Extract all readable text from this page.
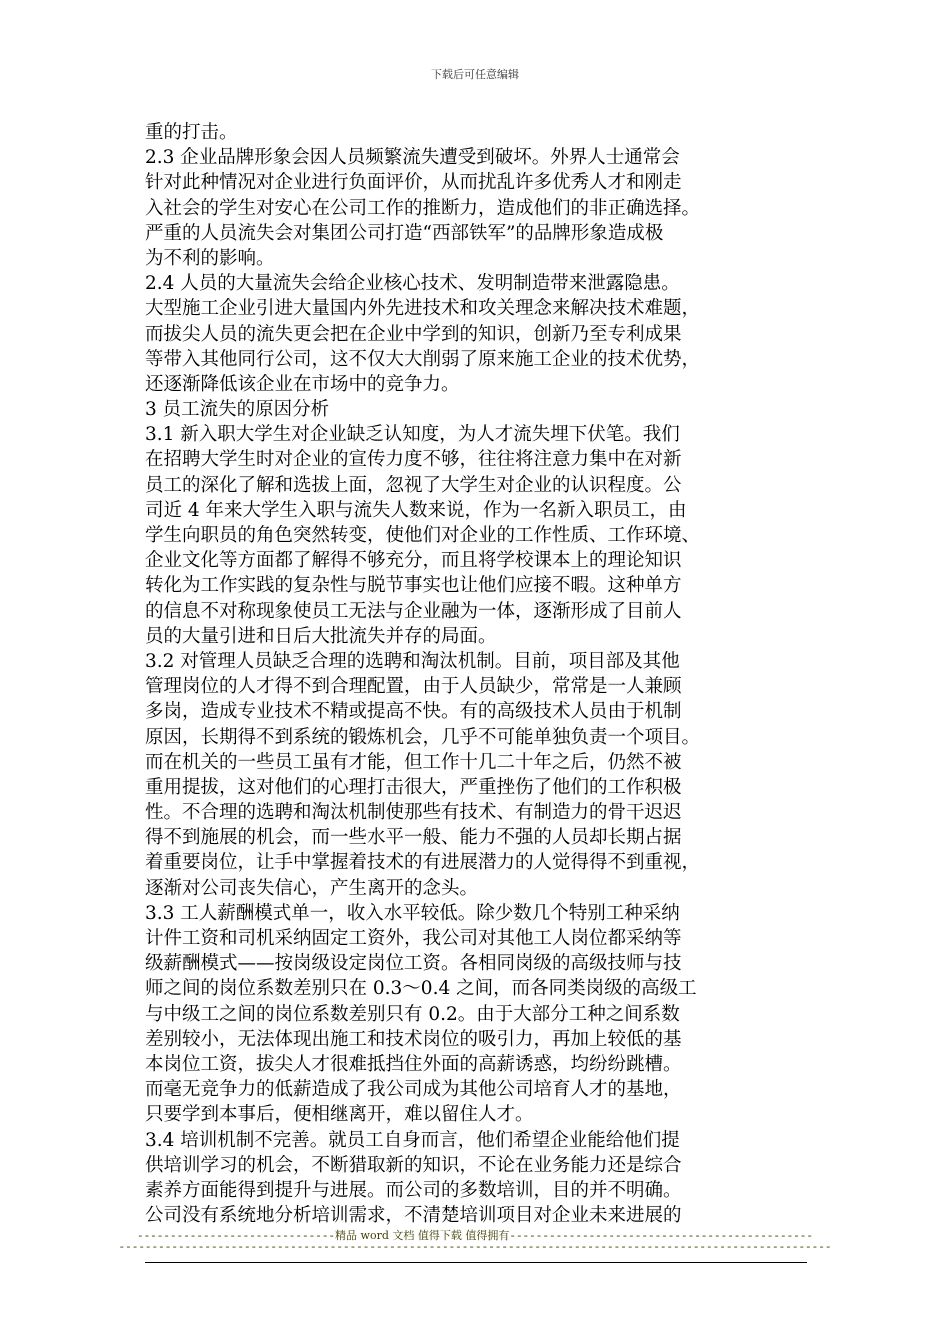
下载后可任意编辑
重的打击。
2.3 企业品牌形象会因人员频繁流失遭受到破坏。外界人士通常会
针对此种情况对企业进行负面评价，从而扰乱许多优秀人才和刚走
入社会的学生对安心在公司工作的推断力，造成他们的非正确选择。
严重的人员流失会对集团公司打造“西部铁军”的品牌形象造成极
为不利的影响。
2.4 人员的大量流失会给企业核心技术、发明制造带来泄露隐患。
大型施工企业引进大量国内外先进技术和攻关理念来解决技术难题，
而拔尖人员的流失更会把在企业中学到的知识，创新乃至专利成果
等带入其他同行公司，这不仅大大削弱了原来施工企业的技术优势，
还逐渐降低该企业在市场中的竞争力。
3 员工流失的原因分析
3.1 新入职大学生对企业缺乏认知度，为人才流失埋下伏笔。我们
在招聘大学生时对企业的宣传力度不够，往往将注意力集中在对新
员工的深化了解和选拔上面，忽视了大学生对企业的认识程度。公
司近 4 年来大学生入职与流失人数来说，作为一名新入职员工，由
学生向职员的角色突然转变，使他们对企业的工作性质、工作环境、
企业文化等方面都了解得不够充分，而且将学校课本上的理论知识
转化为工作实践的复杂性与脱节事实也让他们应接不暇。这种单方
的信息不对称现象使员工无法与企业融为一体，逐渐形成了目前人
员的大量引进和日后大批流失并存的局面。
3.2 对管理人员缺乏合理的选聘和淘汰机制。目前，项目部及其他
管理岗位的人才得不到合理配置，由于人员缺少，常常是一人兼顾
多岗，造成专业技术不精或提高不快。有的高级技术人员由于机制
原因，长期得不到系统的锻炼机会，几乎不可能单独负责一个项目。
而在机关的一些员工虽有才能，但工作十几二十年之后，仍然不被
重用提拔，这对他们的心理打击很大，严重挫伤了他们的工作积极
性。不合理的选聘和淘汰机制使那些有技术、有制造力的骨干迟迟
得不到施展的机会，而一些水平一般、能力不强的人员却长期占据
着重要岗位，让手中掌握着技术的有进展潜力的人觉得得不到重视，
逐渐对公司丧失信心，产生离开的念头。
3.3 工人薪酬模式单一，收入水平较低。除少数几个特别工种采纳
计件工资和司机采纳固定工资外，我公司对其他工人岗位都采纳等
级薪酬模式——按岗级设定岗位工资。各相同岗级的高级技师与技
师之间的岗位系数差别只在 0.3～0.4 之间，而各同类岗级的高级工
与中级工之间的岗位系数差别只有 0.2。由于大部分工种之间系数
差别较小，无法体现出施工和技术岗位的吸引力，再加上较低的基
本岗位工资，拔尖人才很难抵挡住外面的高薪诱惑，均纷纷跳槽。
而毫无竞争力的低薪造成了我公司成为其他公司培育人才的基地，
只要学到本事后，便相继离开，难以留住人才。
3.4 培训机制不完善。就员工自身而言，他们希望企业能给他们提
供培训学习的机会，不断猎取新的知识，不论在业务能力还是综合
素养方面能得到提升与进展。而公司的多数培训，目的并不明确。
公司没有系统地分析培训需求，不清楚培训项目对企业未来进展的
------------------------------精品 word 文档 值得下载 值得拥有----------------------------------------------
------------------------------------------------------------------------------------------------------------
